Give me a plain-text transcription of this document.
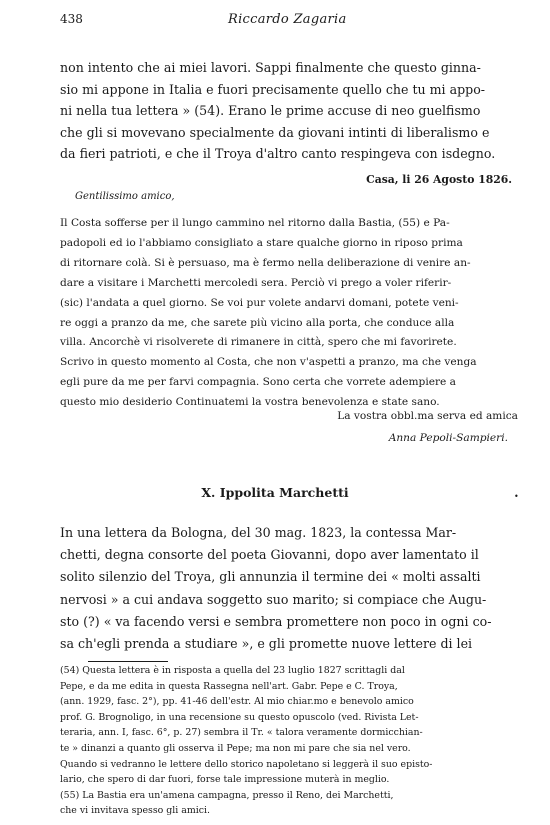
438	Riccardo Zagaria

non intento che ai miei lavori. Sappi finalmente che questo ginna-
sio mi appone in Italia e fuori precisamente quello che tu mi appo-
ni nella tua lettera » (54). Erano le prime accuse di neo guelfismo
che gli si movevano specialmente da giovani intinti di liberalismo e
da fieri patrioti, e che il Troya d'altro canto respingeva con isdegno.

Casa, li 26 Agosto 1826.

Gentilissimo amico,

Il Costa sofferse per il lungo cammino nel ritorno dalla Bastia, (55) e Pa-
padopoli ed io l'abbiamo consigliato a stare qualche giorno in riposo prima
di ritornare colà. Si è persuaso, ma è fermo nella deliberazione di venire an-
dare a visitare i Marchetti mercoledi sera. Perciò vi prego a voler riferir-
(sic) l'andata a quel giorno. Se voi pur volete andarvi domani, potete veni-
re oggi a pranzo da me, che sarete più vicino alla porta, che conduce alla
villa. Ancorchè vi risolverete di rimanere in città, spero che mi favorirete.
Scrivo in questo momento al Costa, che non v'aspetti a pranzo, ma che venga
egli pure da me per farvi compagnia. Sono certa che vorrete adempiere a
questo mio desiderio Continuatemi la vostra benevolenza e state sano.

La vostra obbl.ma serva ed amica

Anna Pepoli-Sampieri.

X. Ippolita Marchetti	•

In una lettera da Bologna, del 30 mag. 1823, la contessa Mar-
chetti, degna consorte del poeta Giovanni, dopo aver lamentato il
solito silenzio del Troya, gli annunzia il termine dei « molti assalti
nervosi » a cui andava soggetto suo marito; si compiace che Augu-
sto (?) « va facendo versi e sembra promettere non poco in ogni co-
sa ch'egli prenda a studiare », e gli promette nuove lettere di lei

(54) Questa lettera è in risposta a quella del 23 luglio 1827 scrittagli dal
Pepe, e da me edita in questa Rassegna nell'art. Gabr. Pepe e C. Troya,
(ann. 1929, fasc. 2°), pp. 41-46 dell'estr. Al mio chiar.mo e benevolo amico
prof. G. Brognoligo, in una recensione su questo opuscolo (ved. Rivista Let-
teraria, ann. I, fasc. 6°, p. 27) sembra il Tr. « talora veramente dormicchian-
te » dinanzi a quanto gli osserva il Pepe; ma non mi pare che sia nel vero.
Quando si vedranno le lettere dello storico napoletano si leggerà il suo episto-
lario, che spero di dar fuori, forse tale impressione muterà in meglio.
(55) La Bastia era un'amena campagna, presso il Reno, dei Marchetti,
che vi invitava spesso gli amici.
